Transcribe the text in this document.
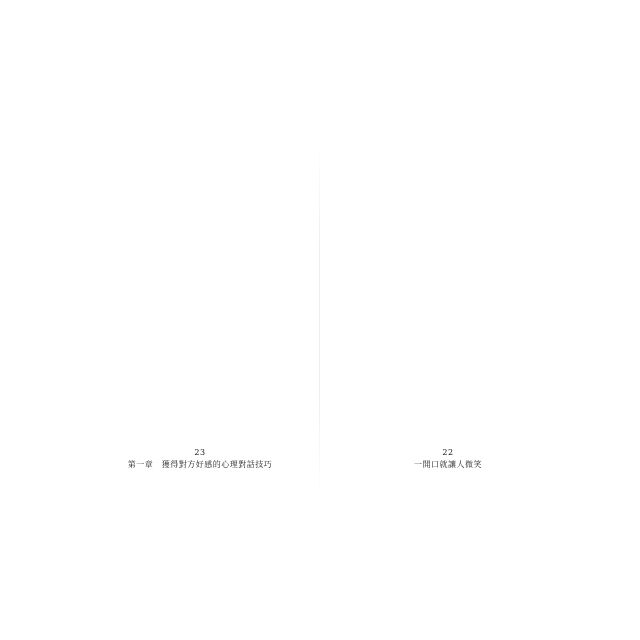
23
第一章　獲得對方好感的心理對話技巧
22
一開口就讓人微笑
